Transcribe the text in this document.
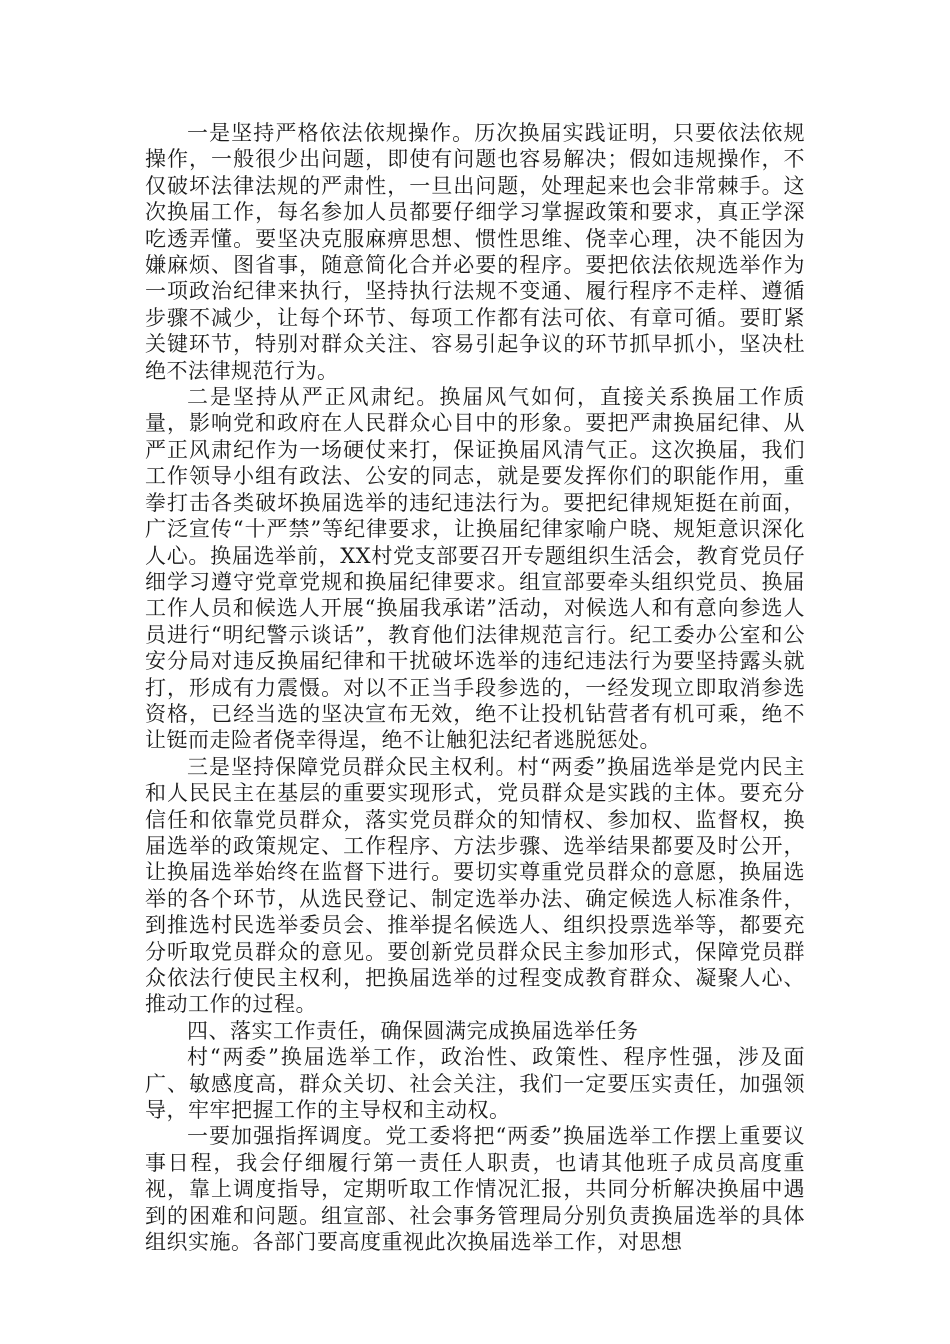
一是坚持严格依法依规操作。历次换届实践证明，只要依法依规操作，一般很少出问题，即使有问题也容易解决；假如违规操作，不仅破坏法律法规的严肃性，一旦出问题，处理起来也会非常棘手。这次换届工作，每名参加人员都要仔细学习掌握政策和要求，真正学深吃透弄懂。要坚决克服麻痹思想、惯性思维、侥幸心理，决不能因为嫌麻烦、图省事，随意简化合并必要的程序。要把依法依规选举作为一项政治纪律来执行，坚持执行法规不变通、履行程序不走样、遵循步骤不减少，让每个环节、每项工作都有法可依、有章可循。要盯紧关键环节，特别对群众关注、容易引起争议的环节抓早抓小，坚决杜绝不法律规范行为。

二是坚持从严正风肃纪。换届风气如何，直接关系换届工作质量，影响党和政府在人民群众心目中的形象。要把严肃换届纪律、从严正风肃纪作为一场硬仗来打，保证换届风清气正。这次换届，我们工作领导小组有政法、公安的同志，就是要发挥你们的职能作用，重拳打击各类破坏换届选举的违纪违法行为。要把纪律规矩挺在前面，广泛宣传“十严禁”等纪律要求，让换届纪律家喻户晓、规矩意识深化人心。换届选举前，XX村党支部要召开专题组织生活会，教育党员仔细学习遵守党章党规和换届纪律要求。组宣部要牵头组织党员、换届工作人员和候选人开展“换届我承诺”活动，对候选人和有意向参选人员进行“明纪警示谈话”，教育他们法律规范言行。纪工委办公室和公安分局对违反换届纪律和干扰破坏选举的违纪违法行为要坚持露头就打，形成有力震慑。对以不正当手段参选的，一经发现立即取消参选资格，已经当选的坚决宣布无效，绝不让投机钻营者有机可乘，绝不让铤而走险者侥幸得逞，绝不让触犯法纪者逃脱惩处。

三是坚持保障党员群众民主权利。村“两委”换届选举是党内民主和人民民主在基层的重要实现形式，党员群众是实践的主体。要充分信任和依靠党员群众，落实党员群众的知情权、参加权、监督权，换届选举的政策规定、工作程序、方法步骤、选举结果都要及时公开，让换届选举始终在监督下进行。要切实尊重党员群众的意愿，换届选举的各个环节，从选民登记、制定选举办法、确定候选人标准条件，到推选村民选举委员会、推举提名候选人、组织投票选举等，都要充分听取党员群众的意见。要创新党员群众民主参加形式，保障党员群众依法行使民主权利，把换届选举的过程变成教育群众、凝聚人心、推动工作的过程。

四、落实工作责任，确保圆满完成换届选举任务

村“两委”换届选举工作，政治性、政策性、程序性强，涉及面广、敏感度高，群众关切、社会关注，我们一定要压实责任，加强领导，牢牢把握工作的主导权和主动权。

一要加强指挥调度。党工委将把“两委”换届选举工作摆上重要议事日程，我会仔细履行第一责任人职责，也请其他班子成员高度重视，靠上调度指导，定期听取工作情况汇报，共同分析解决换届中遇到的困难和问题。组宣部、社会事务管理局分别负责换届选举的具体组织实施。各部门要高度重视此次换届选举工作，对思想
